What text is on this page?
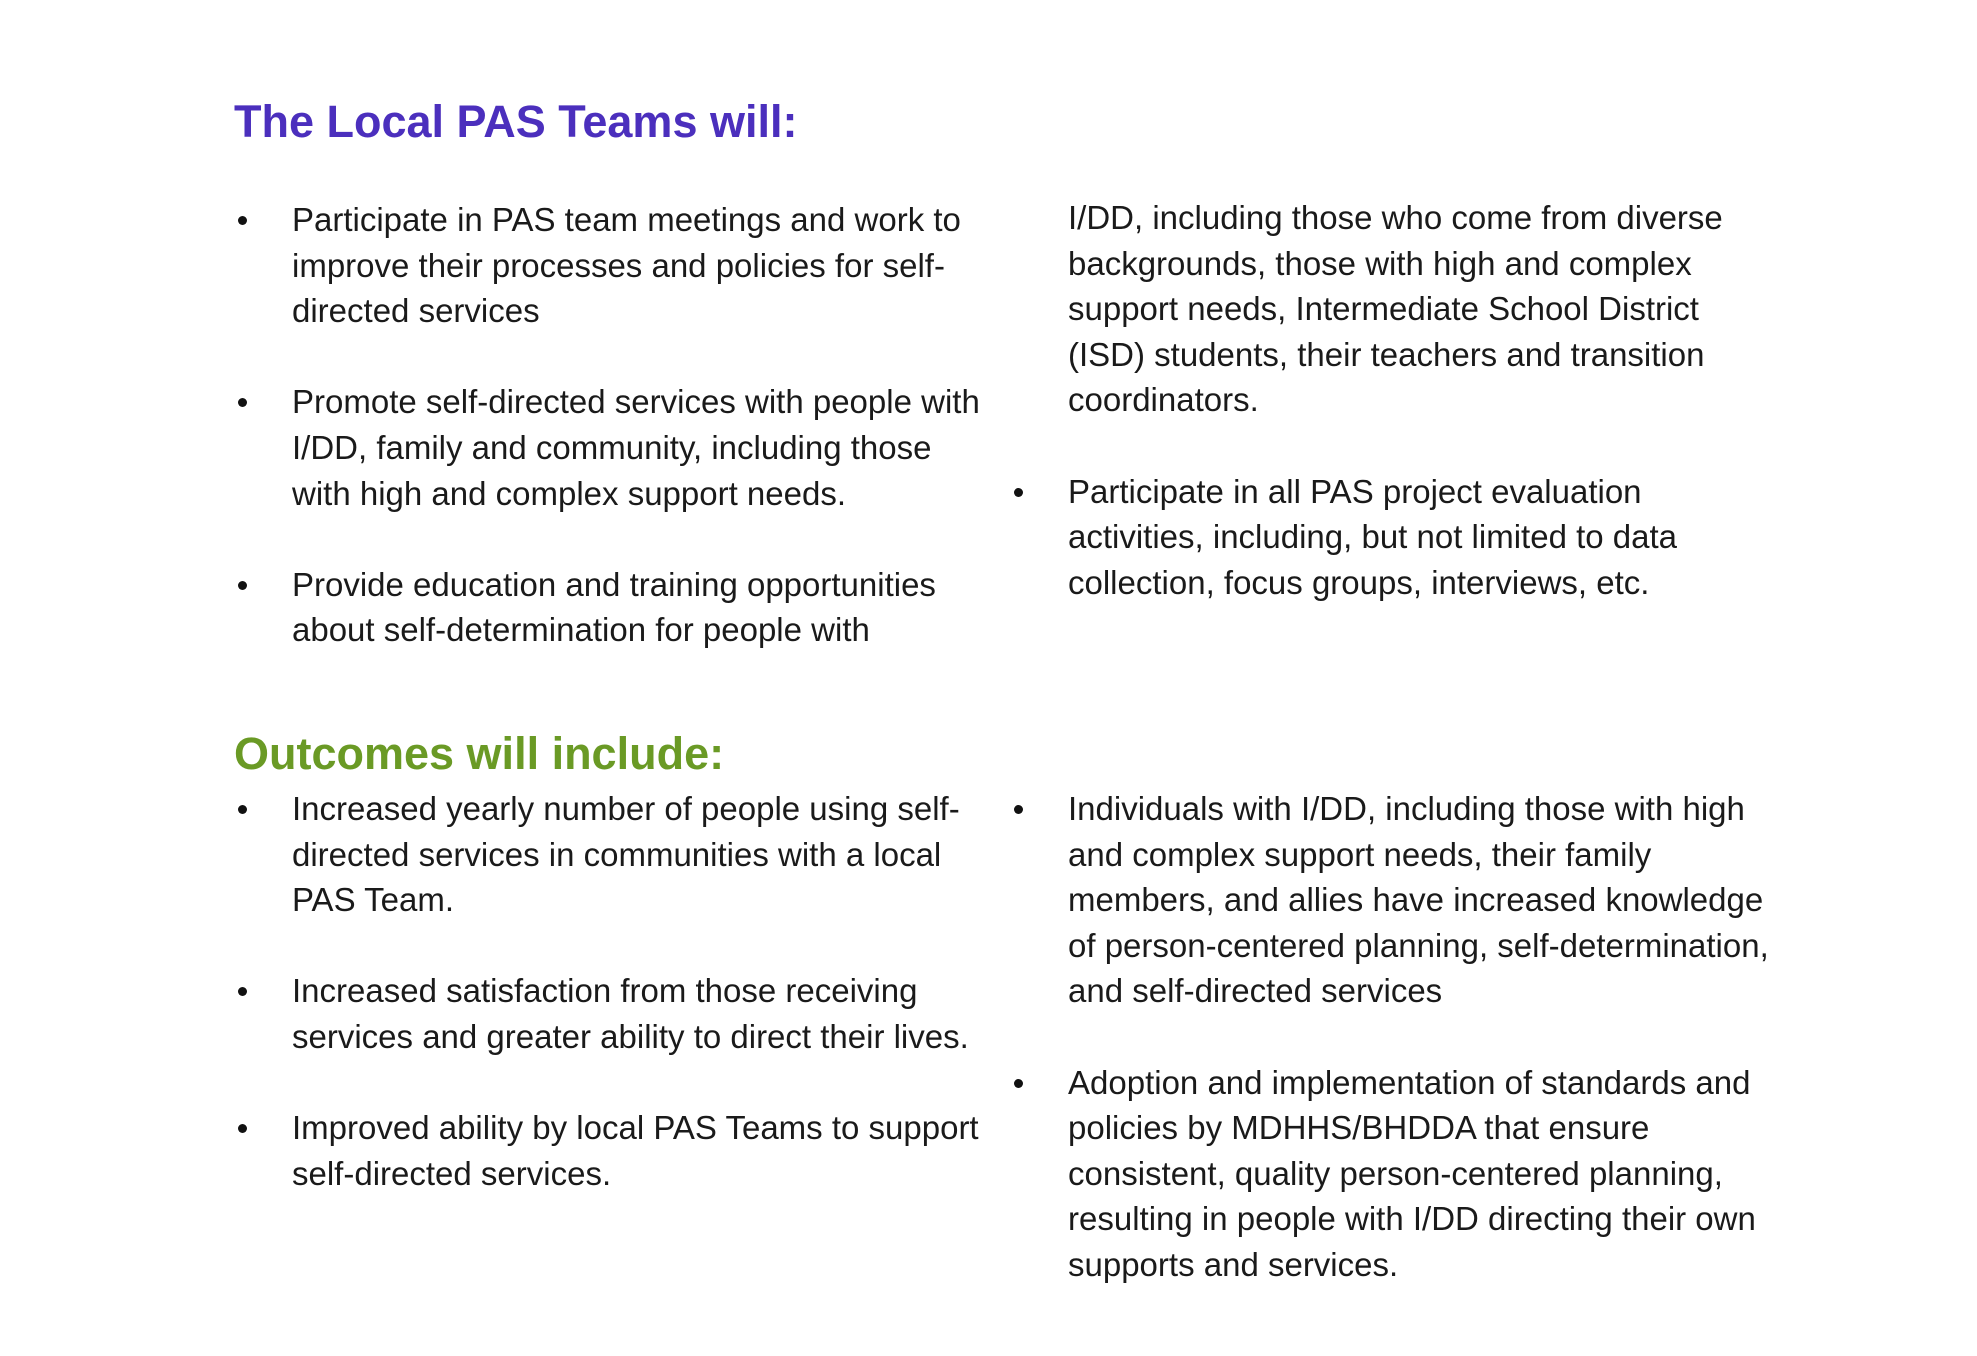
The Local PAS Teams will:
Participate in PAS team meetings and work to improve their processes and policies for self-directed services
Promote self-directed services with people with I/DD, family and community, including those with high and complex support needs.
Provide education and training opportunities about self-determination for people with

I/DD, including those who come from diverse backgrounds, those with high and complex support needs, Intermediate School District (ISD) students, their teachers and transition coordinators.

Participate in all PAS project evaluation activities, including, but not limited to data collection, focus groups, interviews, etc.
Outcomes will include:
Increased yearly number of people using self-directed services in communities with a local PAS Team.
Increased satisfaction from those receiving services and greater ability to direct their lives.
Improved ability by local PAS Teams to support self-directed services.
Individuals with I/DD, including those with high and complex support needs, their family members, and allies have increased knowledge of person-centered planning, self-determination, and self-directed services
Adoption and implementation of standards and policies by MDHHS/BHDDA that ensure consistent, quality person-centered planning, resulting in people with I/DD directing their own supports and services.
